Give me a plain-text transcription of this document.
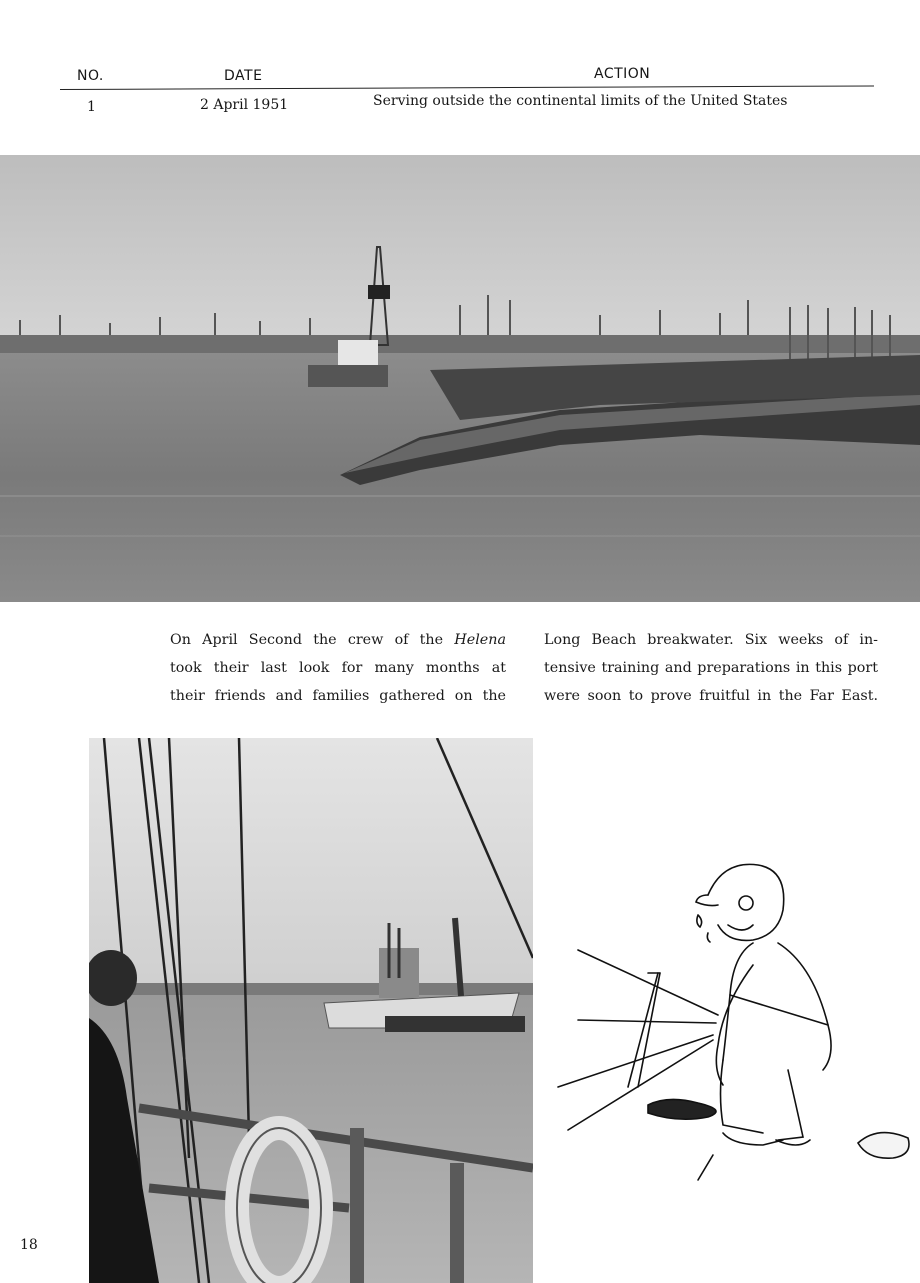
NO.	DATE	ACTION
1	2 April 1951	Serving outside the continental limits of the United States
On April Second the crew of the Helena
took their last look for many months at
their friends and families gathered on the
Long Beach breakwater. Six weeks of in-
tensive training and preparations in this port
were soon to prove fruitful in the Far East.
18
